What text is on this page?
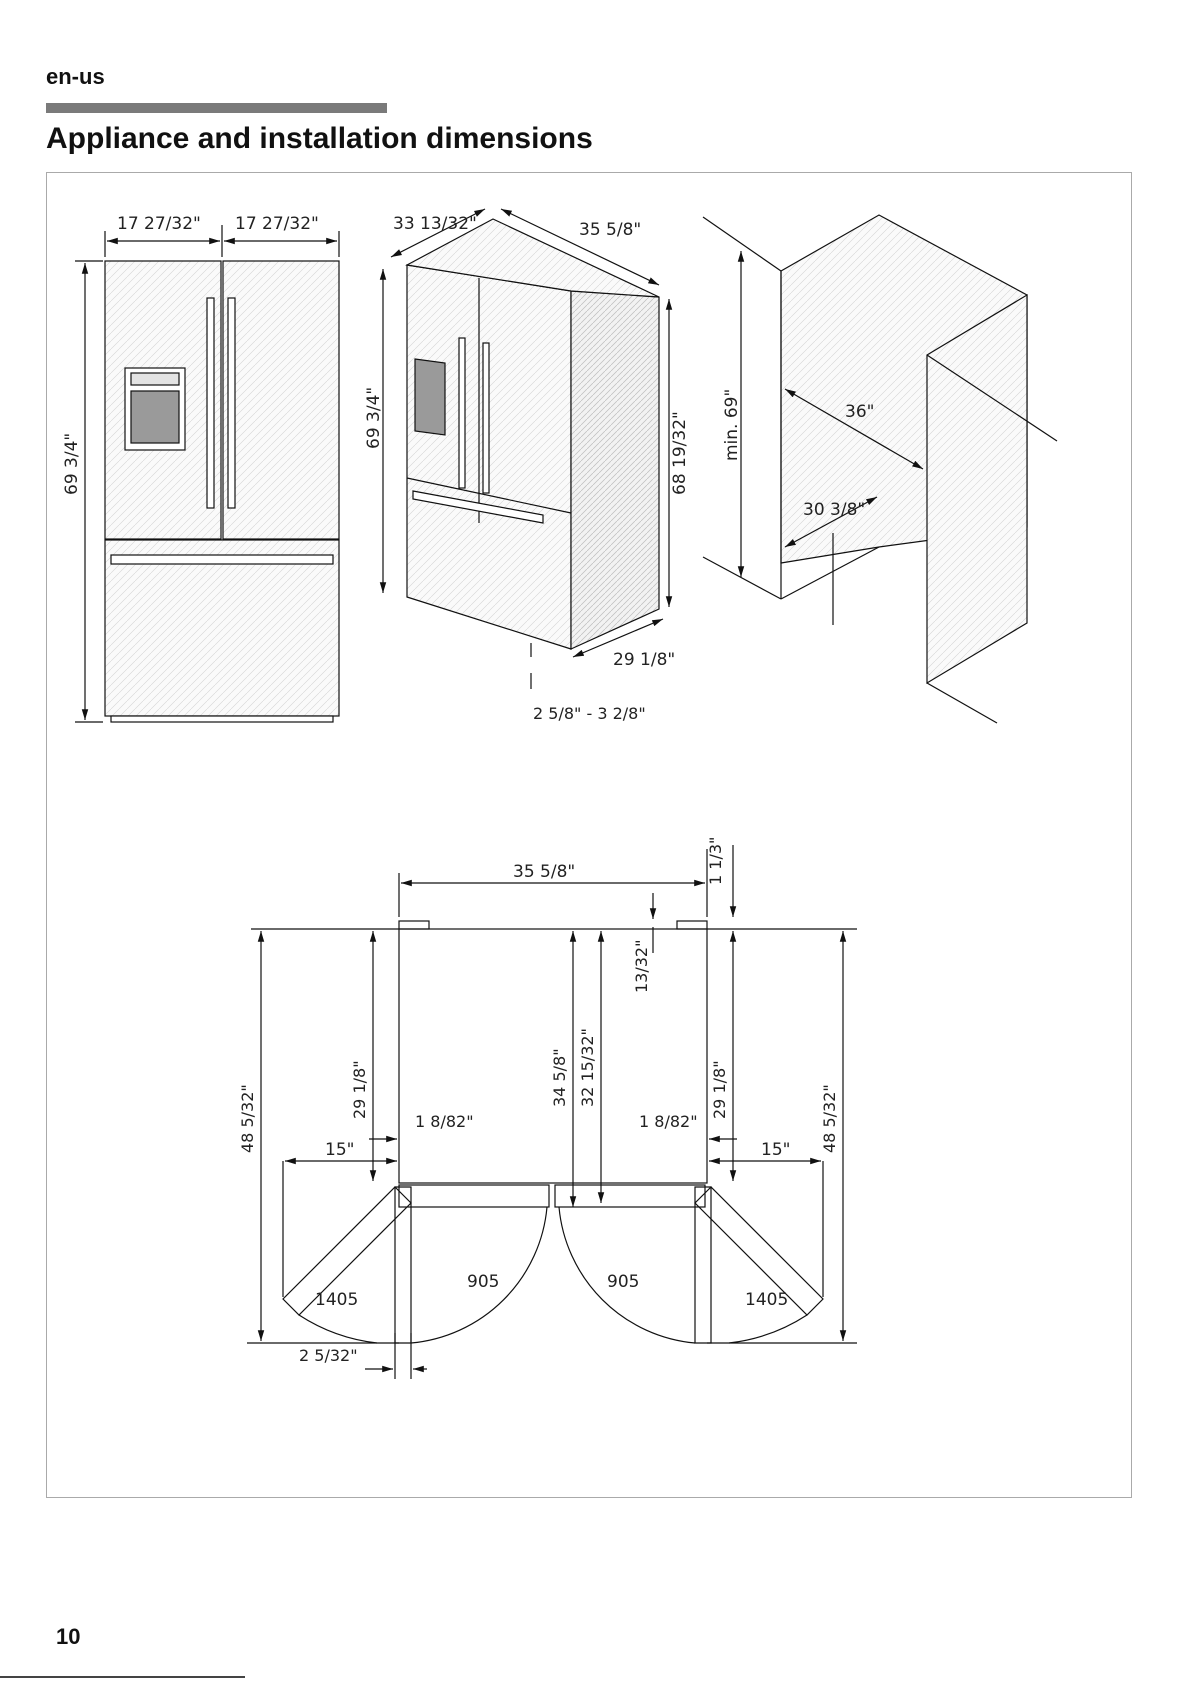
en-us
Appliance and installation dimensions
17 27/32" 17 27/32"
69 3/4"
33 13/32"	35 5/8"
69 3/4"	68 19/32"
29 1/8"
2 5/8" - 3 2/8"
min. 69"	36"
30 3/8"
35 5/8"	1 1/3"
13/32"
48 5/32"	29 1/8"	34 5/8" 32 15/32"	29 1/8"	48 5/32"
1 8/82"	1 8/82"
15"	15"
1405
905	905
1405
2 5/32"
10
